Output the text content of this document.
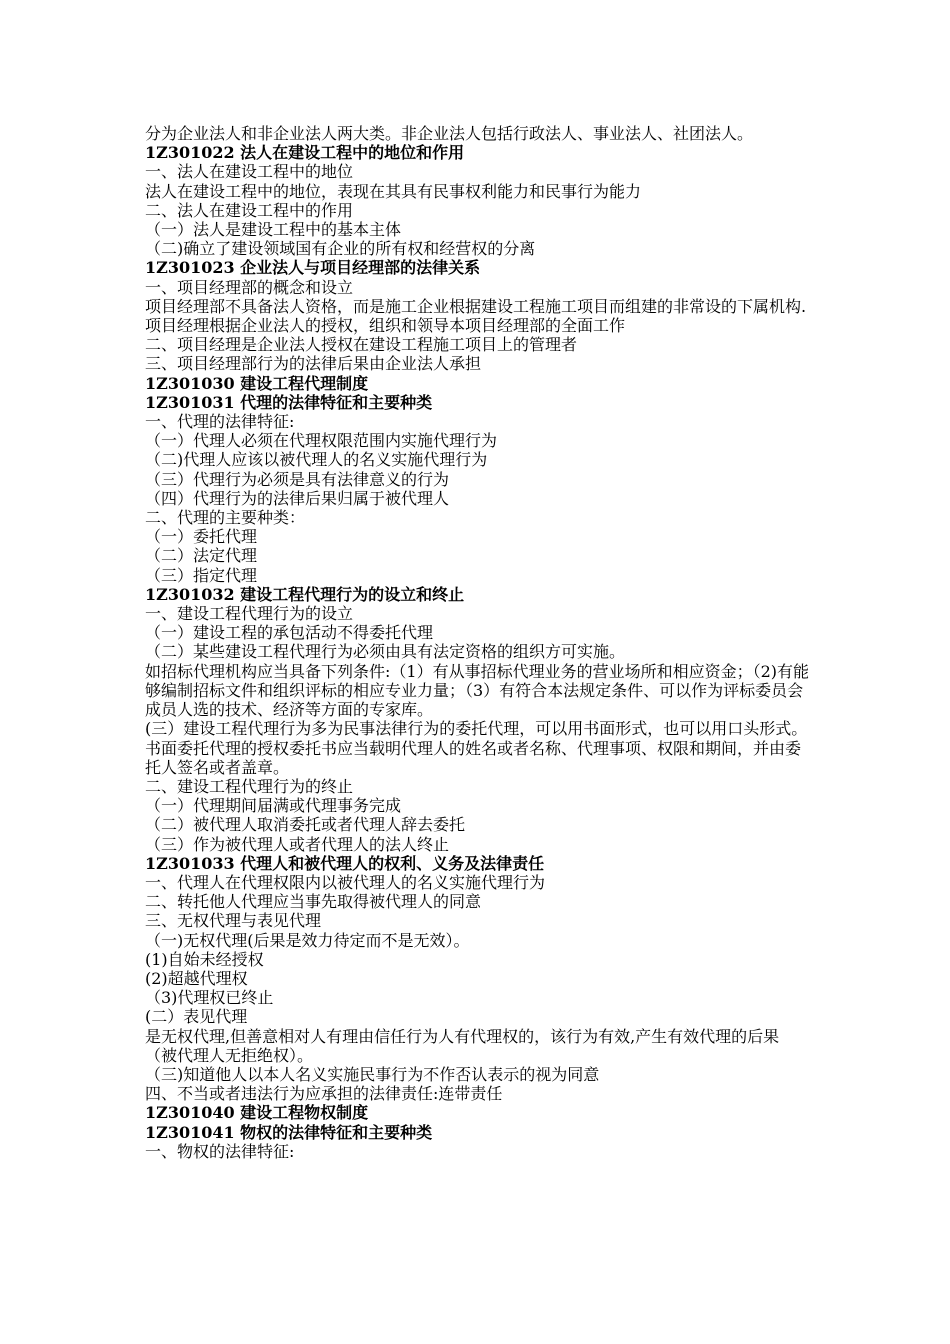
分为企业法人和非企业法人两大类。非企业法人包括行政法人、事业法人、社团法人。
1Z301022 法人在建设工程中的地位和作用
一、法人在建设工程中的地位
法人在建设工程中的地位，表现在其具有民事权利能力和民事行为能力
二、法人在建设工程中的作用
（一）法人是建设工程中的基本主体
（二)确立了建设领域国有企业的所有权和经营权的分离
1Z301023 企业法人与项目经理部的法律关系
一、项目经理部的概念和设立
项目经理部不具备法人资格，而是施工企业根据建设工程施工项目而组建的非常设的下属机构.项目经理根据企业法人的授权，组织和领导本项目经理部的全面工作
二、项目经理是企业法人授权在建设工程施工项目上的管理者
三、项目经理部行为的法律后果由企业法人承担
1Z301030 建设工程代理制度
1Z301031 代理的法律特征和主要种类
一、代理的法律特征:
（一）代理人必须在代理权限范围内实施代理行为
（二)代理人应该以被代理人的名义实施代理行为
（三）代理行为必须是具有法律意义的行为
（四）代理行为的法律后果归属于被代理人
二、代理的主要种类：
（一）委托代理
（二）法定代理
（三）指定代理
1Z301032 建设工程代理行为的设立和终止
一、建设工程代理行为的设立
（一）建设工程的承包活动不得委托代理
（二）某些建设工程代理行为必须由具有法定资格的组织方可实施。
如招标代理机构应当具备下列条件:（1）有从事招标代理业务的营业场所和相应资金；（2)有能够编制招标文件和组织评标的相应专业力量；（3）有符合本法规定条件、可以作为评标委员会成员人选的技术、经济等方面的专家库。
(三）建设工程代理行为多为民事法律行为的委托代理，可以用书面形式，也可以用口头形式。
书面委托代理的授权委托书应当载明代理人的姓名或者名称、代理事项、权限和期间，并由委托人签名或者盖章。
二、建设工程代理行为的终止
（一）代理期间届满或代理事务完成
（二）被代理人取消委托或者代理人辞去委托
（三）作为被代理人或者代理人的法人终止
1Z301033 代理人和被代理人的权利、义务及法律责任
一、代理人在代理权限内以被代理人的名义实施代理行为
二、转托他人代理应当事先取得被代理人的同意
三、无权代理与表见代理
（一)无权代理(后果是效力待定而不是无效）。
(1)自始未经授权
(2)超越代理权
（3)代理权已终止
(二）表见代理
是无权代理,但善意相对人有理由信任行为人有代理权的，该行为有效,产生有效代理的后果（被代理人无拒绝权）。
（三)知道他人以本人名义实施民事行为不作否认表示的视为同意
四、不当或者违法行为应承担的法律责任:连带责任
1Z301040 建设工程物权制度
1Z301041 物权的法律特征和主要种类
一、物权的法律特征:
